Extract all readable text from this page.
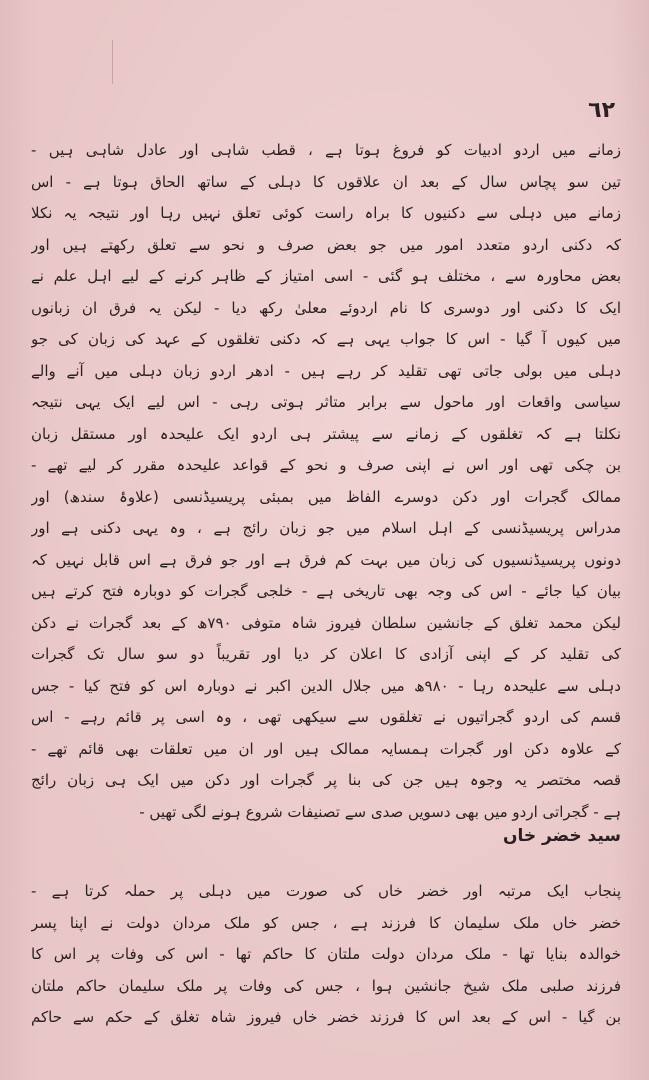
٦٢
زمانے میں اردو ادبیات کو فروغ ہوتا ہے ، قطب شاہی اور عادل شاہی ہیں -
تین سو پچاس سال کے بعد ان علاقوں کا دہلی کے ساتھ الحاق ہوتا ہے - اس
زمانے میں دہلی سے دکنیوں کا براہ راست کوئی تعلق نہیں رہا اور نتیجہ یہ نکلا
کہ دکنی اردو متعدد امور میں جو بعض صرف و نحو سے تعلق رکھتے ہیں اور
بعض محاورہ سے ، مختلف ہو گئی - اسی امتیاز کے ظاہر کرنے کے لیے اہل علم نے
ایک کا دکنی اور دوسری کا نام اردوئے معلیٰ رکھ دیا - لیکن یہ فرق ان زبانوں
میں کیوں آ گیا - اس کا جواب یہی ہے کہ دکنی تغلقوں کے عہد کی زبان کی جو
دہلی میں بولی جاتی تھی تقلید کر رہے ہیں - ادھر اردو زبان دہلی میں آنے والے
سیاسی واقعات اور ماحول سے برابر متاثر ہوتی رہی - اس لیے ایک یہی نتیجہ
نکلتا ہے کہ تغلقوں کے زمانے سے پیشتر ہی اردو ایک علیحدہ اور مستقل زبان
بن چکی تھی اور اس نے اپنی صرف و نحو کے قواعد علیحدہ مقرر کر لیے تھے -
ممالک گجرات اور دکن دوسرے الفاظ میں بمبئی پریسیڈنسی (علاوۂ سندھ) اور
مدراس پریسیڈنسی کے اہل اسلام میں جو زبان رائج ہے ، وہ یہی دکنی ہے اور
دونوں پریسیڈنسیوں کی زبان میں بہت کم فرق ہے اور جو فرق ہے اس قابل نہیں کہ
بیان کیا جائے - اس کی وجہ بھی تاریخی ہے - خلجی گجرات کو دوبارہ فتح کرتے ہیں
لیکن محمد تغلق کے جانشین سلطان فیروز شاہ متوفی ۷۹۰ھ کے بعد گجرات نے دکن
کی تقلید کر کے اپنی آزادی کا اعلان کر دیا اور تقریباً دو سو سال تک گجرات
دہلی سے علیحدہ رہا - ۹۸۰ھ میں جلال الدین اکبر نے دوبارہ اس کو فتح کیا - جس
قسم کی اردو گجراتیوں نے تغلقوں سے سیکھی تھی ، وہ اسی پر قائم رہے - اس
کے علاوہ دکن اور گجرات ہمسایہ ممالک ہیں اور ان میں تعلقات بھی قائم تھے -
قصہ مختصر یہ وجوہ ہیں جن کی بنا پر گجرات اور دکن میں ایک ہی زبان رائج
ہے - گجراتی اردو میں بھی دسویں صدی سے تصنیفات شروع ہونے لگی تھیں -
سید خضر خاں
پنجاب ایک مرتبہ اور خضر خاں کی صورت میں دہلی پر حملہ کرتا ہے -
خضر خاں ملک سلیمان کا فرزند ہے ، جس کو ملک مردان دولت نے اپنا پسر
خوالدہ بنایا تھا - ملک مردان دولت ملتان کا حاکم تھا - اس کی وفات پر اس کا
فرزند صلبی ملک شیخ جانشین ہوا ، جس کی وفات پر ملک سلیمان حاکم ملتان
بن گیا - اس کے بعد اس کا فرزند خضر خاں فیروز شاہ تغلق کے حکم سے حاکم
